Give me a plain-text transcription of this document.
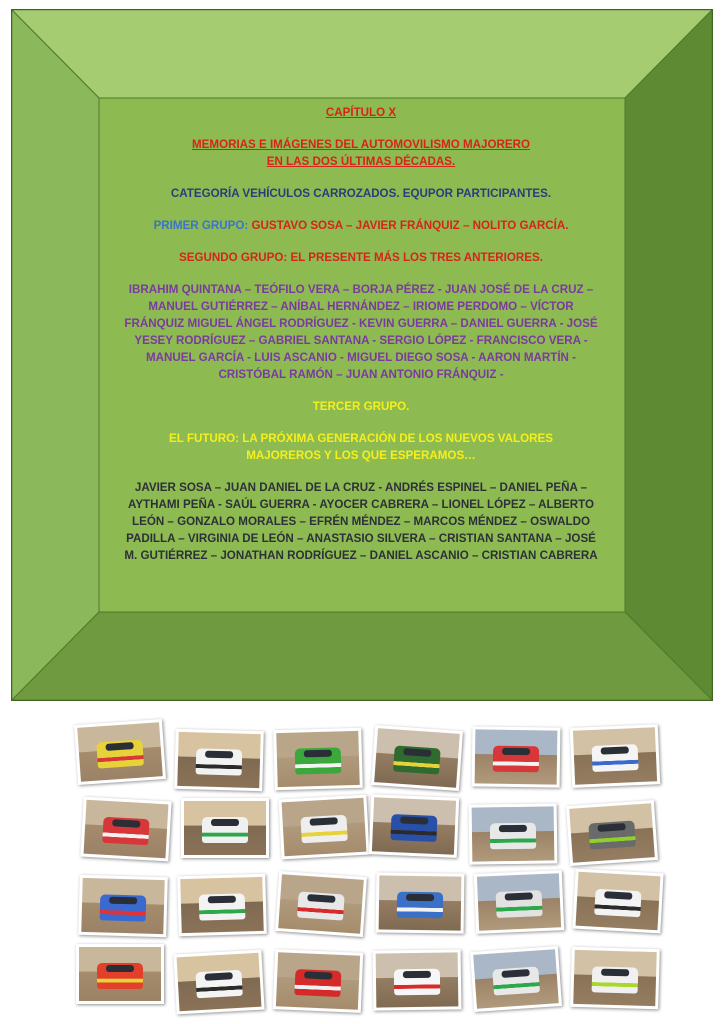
CAPÍTULO X

MEMORIAS E IMÁGENES DEL AUTOMOVILISMO MAJORERO
EN LAS DOS ÚLTIMAS DÉCADAS.

CATEGORÍA VEHÍCULOS CARROZADOS. EQUPOR PARTICIPANTES.

PRIMER GRUPO: GUSTAVO SOSA – JAVIER FRÁNQUIZ – NOLITO GARCÍA.

SEGUNDO GRUPO: EL PRESENTE MÁS LOS TRES ANTERIORES.

IBRAHIM QUINTANA – TEÓFILO VERA – BORJA PÉREZ - JUAN JOSÉ DE LA CRUZ –
MANUEL GUTIÉRREZ – ANÍBAL HERNÁNDEZ – IRIOME PERDOMO – VÍCTOR
FRÁNQUIZ MIGUEL ÁNGEL RODRÍGUEZ - KEVIN GUERRA – DANIEL GUERRA - JOSÉ
YESEY RODRÍGUEZ – GABRIEL SANTANA - SERGIO LÓPEZ - FRANCISCO VERA -
MANUEL GARCÍA - LUIS ASCANIO - MIGUEL DIEGO SOSA - AARON MARTÍN -
CRISTÓBAL RAMÓN – JUAN ANTONIO FRÁNQUIZ -

TERCER GRUPO.

EL FUTURO: LA PRÓXIMA GENERACIÓN DE LOS NUEVOS VALORES
MAJOREROS Y LOS QUE ESPERAMOS…

JAVIER SOSA – JUAN DANIEL DE LA CRUZ - ANDRÉS ESPINEL – DANIEL PEÑA –
AYTHAMI PEÑA - SAÚL GUERRA - AYOCER CABRERA – LIONEL LÓPEZ – ALBERTO
LEÓN – GONZALO MORALES – EFRÉN MÉNDEZ – MARCOS MÉNDEZ – OSWALDO
PADILLA – VIRGINIA DE LEÓN – ANASTASIO SILVERA – CRISTIAN SANTANA – JOSÉ
M. GUTIÉRREZ – JONATHAN RODRÍGUEZ – DANIEL ASCANIO – CRISTIAN CABRERA
